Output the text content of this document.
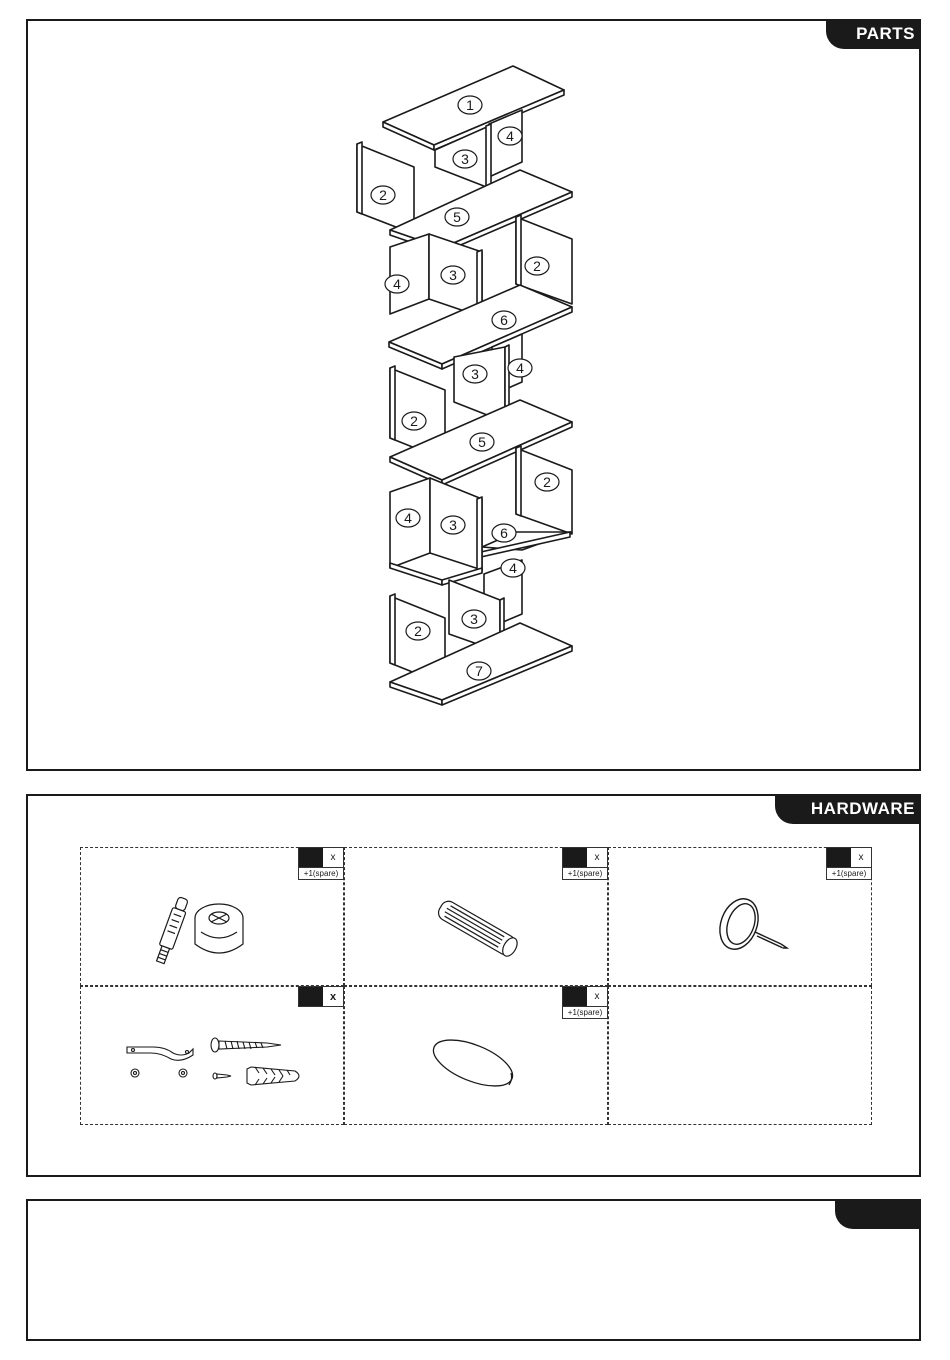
PARTS
1
4
3
2
5
3
2
4
6
4
3
2
5
2
4	3	6
4
3
2
7
HARDWARE
x
+1(spare)
x
+1(spare)
x
+1(spare)
x	x
+1(spare)
